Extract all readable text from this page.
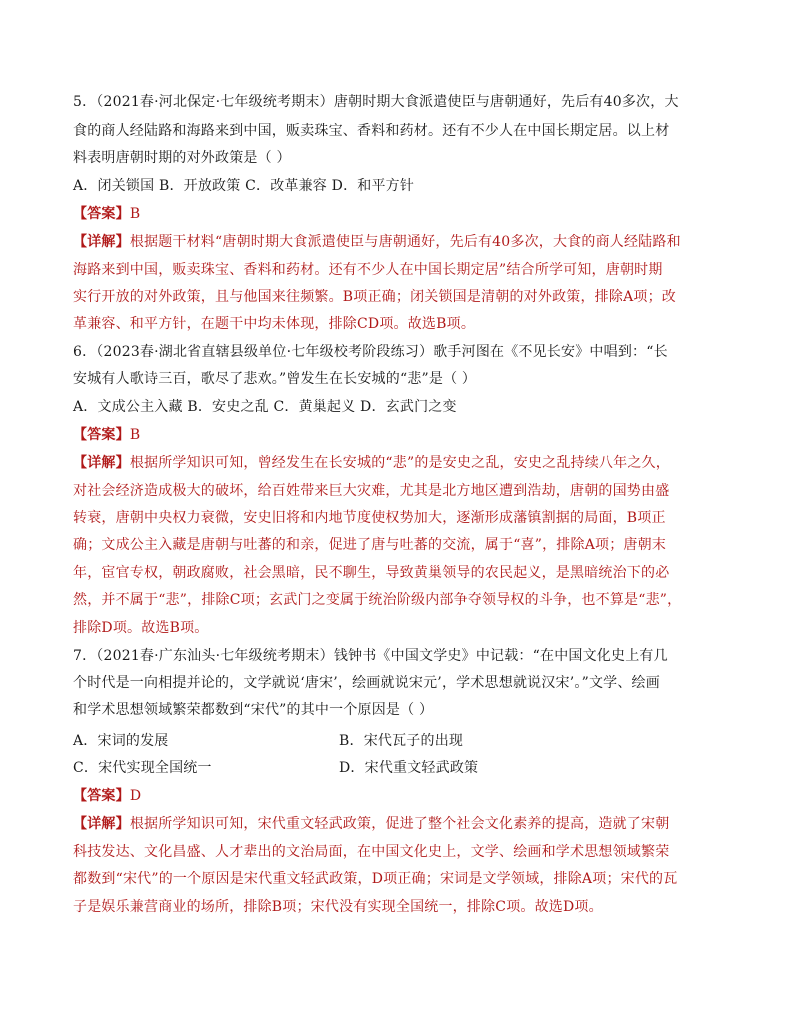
5．（2021春·河北保定·七年级统考期末）唐朝时期大食派遣使臣与唐朝通好，先后有40多次，大
食的商人经陆路和海路来到中国，贩卖珠宝、香料和药材。还有不少人在中国长期定居。以上材
料表明唐朝时期的对外政策是（ ）
A．闭关锁国 B．开放政策 C．改革兼容 D．和平方针
【答案】B
【详解】根据题干材料“唐朝时期大食派遣使臣与唐朝通好，先后有40多次，大食的商人经陆路和
海路来到中国，贩卖珠宝、香料和药材。还有不少人在中国长期定居”结合所学可知，唐朝时期
实行开放的对外政策，且与他国来往频繁。B项正确；闭关锁国是清朝的对外政策，排除A项；改
革兼容、和平方针，在题干中均未体现，排除CD项。故选B项。
6．（2023春·湖北省直辖县级单位·七年级校考阶段练习）歌手河图在《不见长安》中唱到：“长
安城有人歌诗三百，歌尽了悲欢。”曾发生在长安城的“悲”是（ ）
A．文成公主入藏 B．安史之乱 C．黄巢起义 D．玄武门之变
【答案】B
【详解】根据所学知识可知，曾经发生在长安城的“悲”的是安史之乱，安史之乱持续八年之久，
对社会经济造成极大的破坏，给百姓带来巨大灾难，尤其是北方地区遭到浩劫，唐朝的国势由盛
转衰，唐朝中央权力衰微，安史旧将和内地节度使权势加大，逐渐形成藩镇割据的局面，B项正
确；文成公主入藏是唐朝与吐蕃的和亲，促进了唐与吐蕃的交流，属于“喜”，排除A项；唐朝末
年，宦官专权，朝政腐败，社会黑暗，民不聊生，导致黄巢领导的农民起义，是黑暗统治下的必
然，并不属于“悲”，排除C项；玄武门之变属于统治阶级内部争夺领导权的斗争，也不算是“悲”，
排除D项。故选B项。
7．（2021春·广东汕头·七年级统考期末）钱钟书《中国文学史》中记载：“在中国文化史上有几
个时代是一向相提并论的，文学就说‘唐宋’，绘画就说宋元’，学术思想就说汉宋’。”文学、绘画
和学术思想领域繁荣都数到“宋代”的其中一个原因是（ ）
A．宋词的发展	B．宋代瓦子的出现
C．宋代实现全国统一	D．宋代重文轻武政策
【答案】D
【详解】根据所学知识可知，宋代重文轻武政策，促进了整个社会文化素养的提高，造就了宋朝
科技发达、文化昌盛、人才辈出的文治局面，在中国文化史上，文学、绘画和学术思想领域繁荣
都数到“宋代”的一个原因是宋代重文轻武政策，D项正确；宋词是文学领域，排除A项；宋代的瓦
子是娱乐兼营商业的场所，排除B项；宋代没有实现全国统一，排除C项。故选D项。
